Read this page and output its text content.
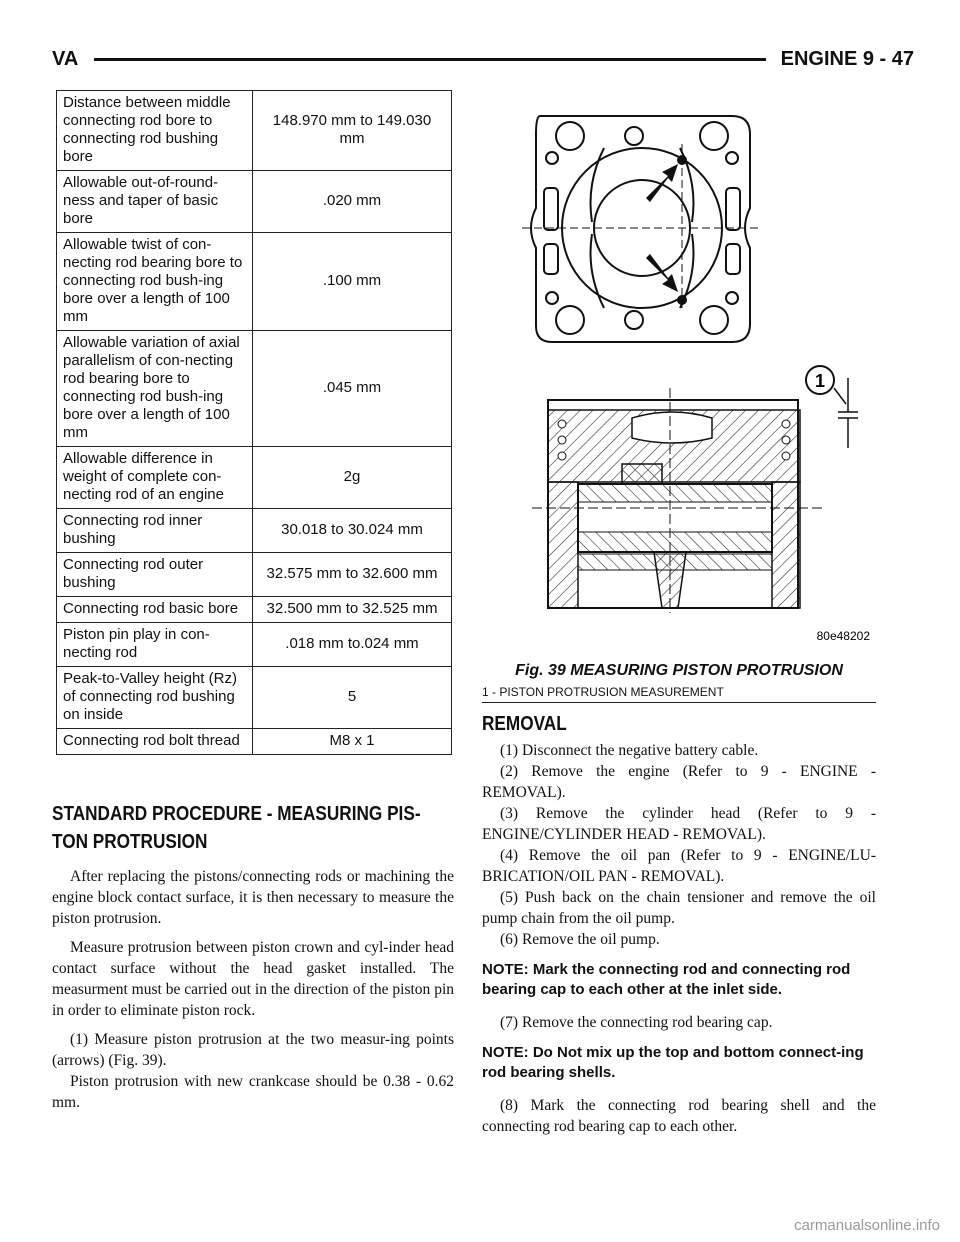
VA	ENGINE 9 - 47
Distance between middle connecting rod bore to connecting rod bushing bore	148.970 mm to 149.030 mm
Allowable out-of-round-ness and taper of basic bore	.020 mm
Allowable twist of con-necting rod bearing bore to connecting rod bush-ing bore over a length of 100 mm	.100 mm
Allowable variation of axial parallelism of con-necting rod bearing bore to connecting rod bush-ing bore over a length of 100 mm	.045 mm
Allowable difference in weight of complete con-necting rod of an engine	2g
Connecting rod inner bushing	30.018 to 30.024 mm
Connecting rod outer bushing	32.575 mm to 32.600 mm
Connecting rod basic bore	32.500 mm to 32.525 mm
Piston pin play in con-necting rod	.018 mm to.024 mm
Peak-to-Valley height (Rz) of connecting rod bushing on inside	5
Connecting rod bolt thread	M8 x 1
STANDARD PROCEDURE - MEASURING PIS-TON PROTRUSION

After replacing the pistons/connecting rods or machining the engine block contact surface, it is then necessary to measure the piston protrusion.

Measure protrusion between piston crown and cyl-inder head contact surface without the head gasket installed. The measurment must be carried out in the direction of the piston pin in order to eliminate piston rock.

(1) Measure piston protrusion at the two measur-ing points (arrows) (Fig. 39).

Piston protrusion with new crankcase should be 0.38 - 0.62 mm.

1
80e48202
Fig. 39 MEASURING PISTON PROTRUSION
1 - PISTON PROTRUSION MEASUREMENT
REMOVAL

(1) Disconnect the negative battery cable.

(2) Remove the engine (Refer to 9 - ENGINE - REMOVAL).

(3) Remove the cylinder head (Refer to 9 - ENGINE/CYLINDER HEAD - REMOVAL).

(4) Remove the oil pan (Refer to 9 - ENGINE/LU-BRICATION/OIL PAN - REMOVAL).

(5) Push back on the chain tensioner and remove the oil pump chain from the oil pump.

(6) Remove the oil pump.

NOTE: Mark the connecting rod and connecting rod bearing cap to each other at the inlet side.

(7) Remove the connecting rod bearing cap.

NOTE: Do Not mix up the top and bottom connect-ing rod bearing shells.

(8) Mark the connecting rod bearing shell and the connecting rod bearing cap to each other.

carmanualsonline.info
